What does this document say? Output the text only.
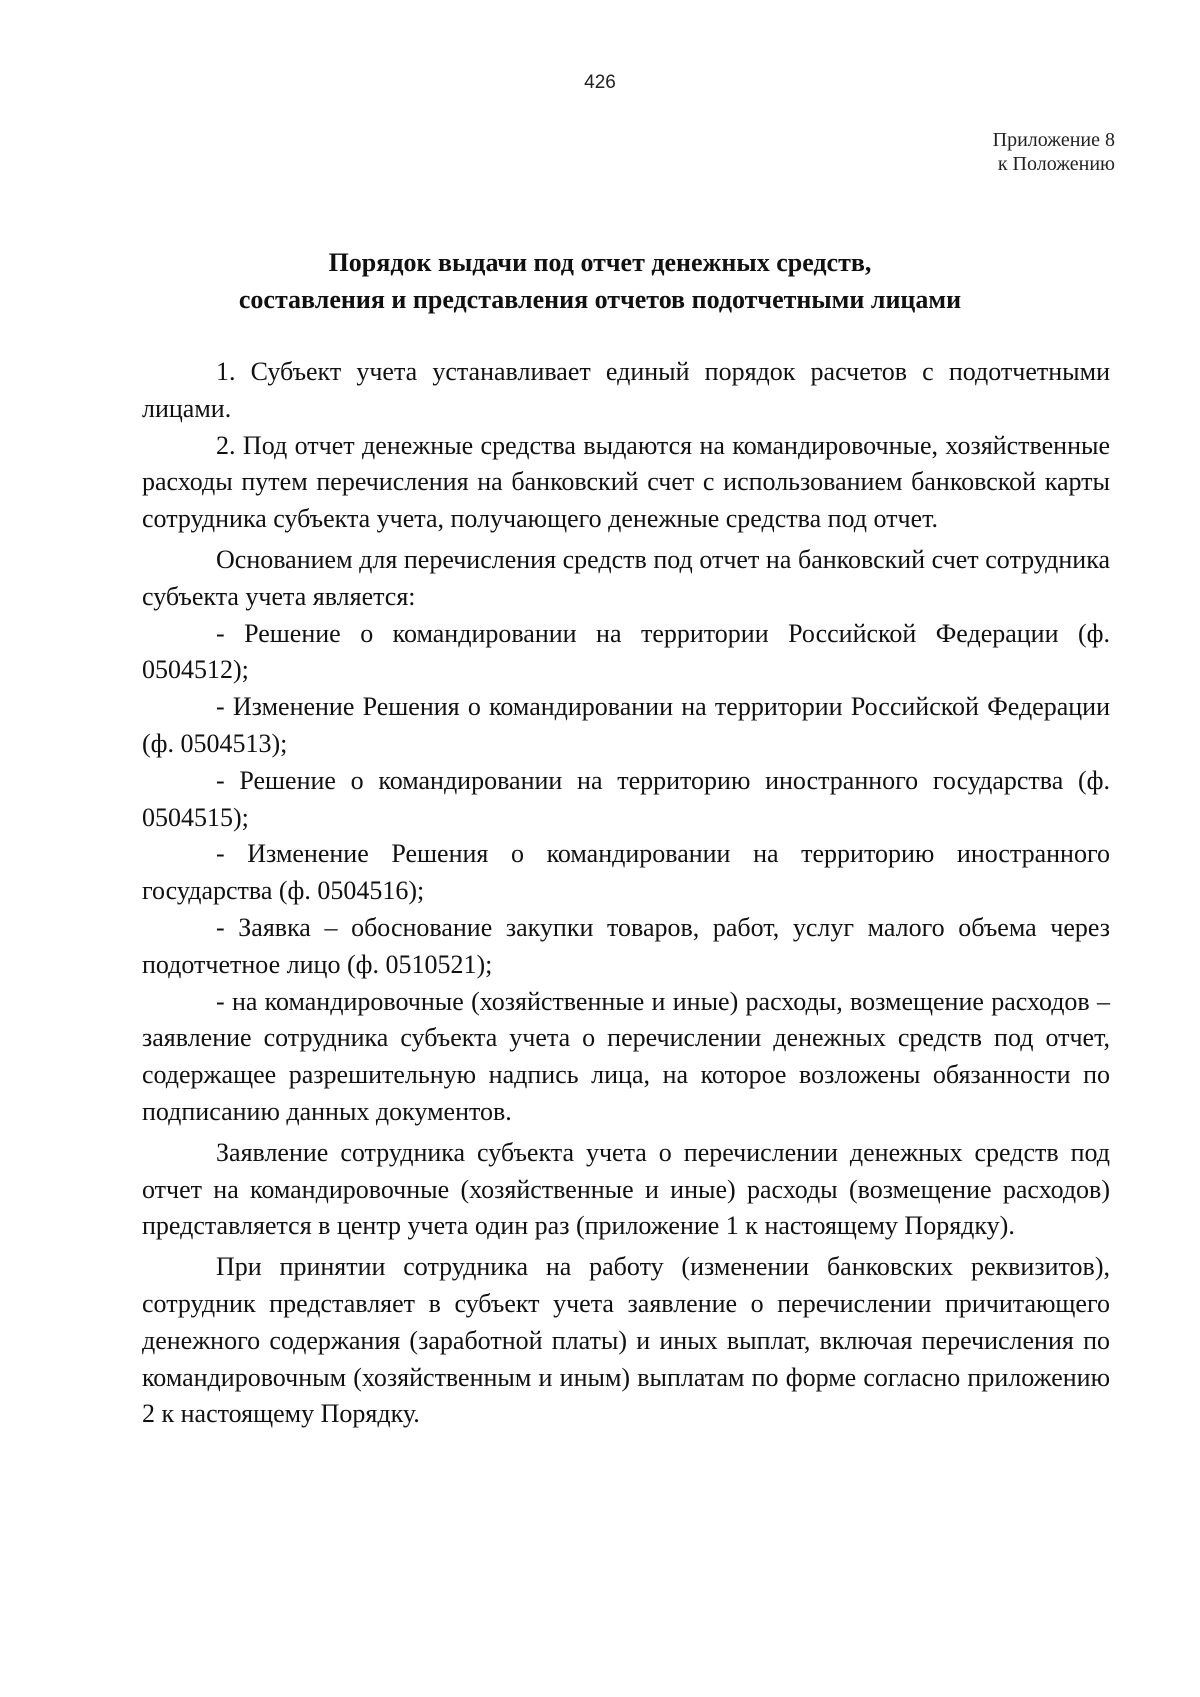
426
Приложение 8
к Положению
Порядок выдачи под отчет денежных средств,
составления и представления отчетов подотчетными лицами

1. Субъект учета устанавливает единый порядок расчетов с подотчетными лицами.

2. Под отчет денежные средства выдаются на командировочные, хозяйственные расходы путем перечисления на банковский счет с использованием банковской карты сотрудника субъекта учета, получающего денежные средства под отчет.

Основанием для перечисления средств под отчет на банковский счет сотрудника субъекта учета является:

- Решение о командировании на территории Российской Федерации (ф. 0504512);

- Изменение Решения о командировании на территории Российской Федерации (ф. 0504513);

- Решение о командировании на территорию иностранного государства (ф. 0504515);

- Изменение Решения о командировании на территорию иностранного государства (ф. 0504516);

- Заявка – обоснование закупки товаров, работ, услуг малого объема через подотчетное лицо (ф. 0510521);

- на командировочные (хозяйственные и иные) расходы, возмещение расходов – заявление сотрудника субъекта учета о перечислении денежных средств под отчет, содержащее разрешительную надпись лица, на которое возложены обязанности по подписанию данных документов.

Заявление сотрудника субъекта учета о перечислении денежных средств под отчет на командировочные (хозяйственные и иные) расходы (возмещение расходов) представляется в центр учета один раз (приложение 1 к настоящему Порядку).

При принятии сотрудника на работу (изменении банковских реквизитов), сотрудник представляет в субъект учета заявление о перечислении причитающего денежного содержания (заработной платы) и иных выплат, включая перечисления по командировочным (хозяйственным и иным) выплатам по форме согласно приложению 2 к настоящему Порядку.
